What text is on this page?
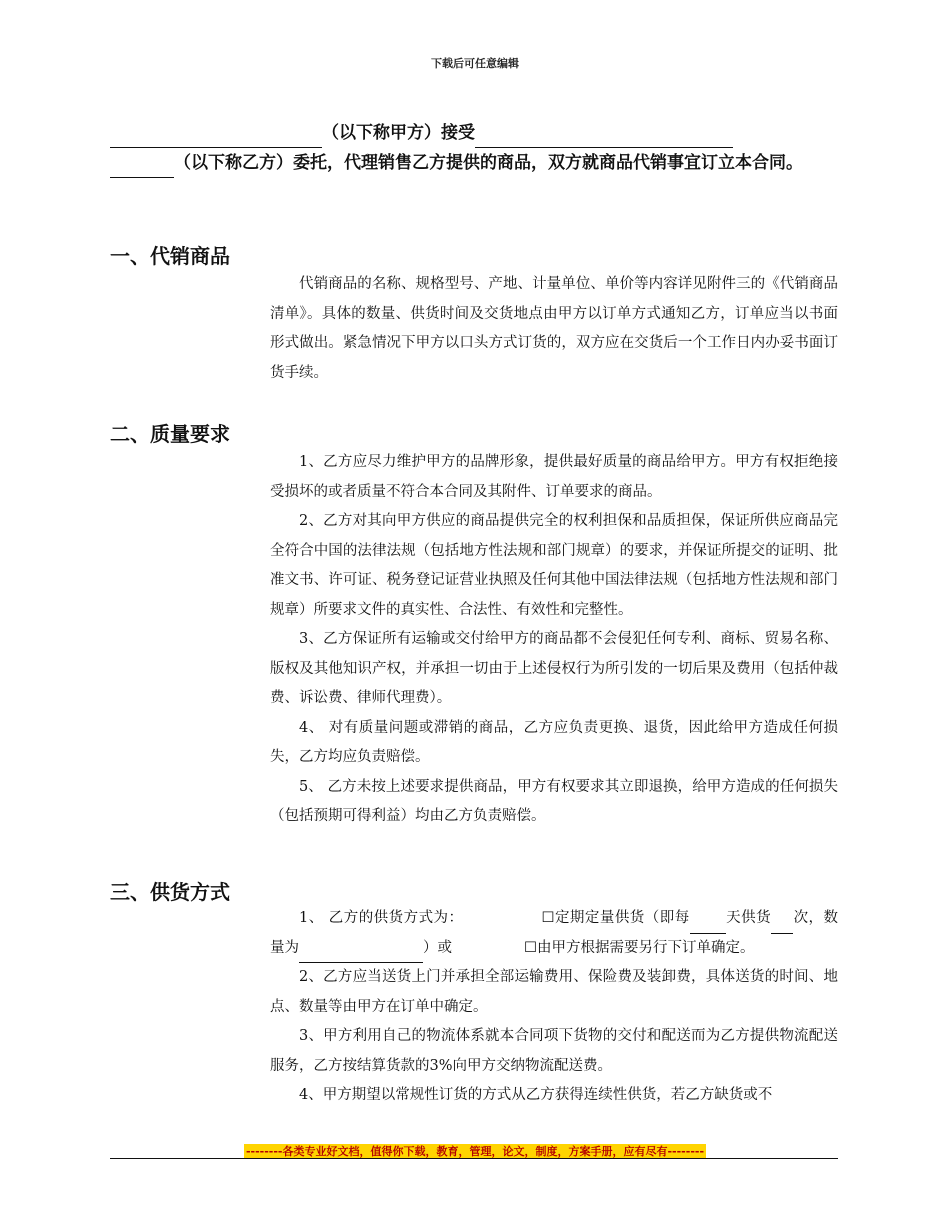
下载后可任意编辑
（以下称甲方）接受
（以下称乙方）委托，代理销售乙方提供的商品，双方就商品代销事宜订立本合同。
一、代销商品

代销商品的名称、规格型号、产地、计量单位、单价等内容详见附件三的《代销商品清单》。具体的数量、供货时间及交货地点由甲方以订单方式通知乙方，订单应当以书面形式做出。紧急情况下甲方以口头方式订货的，双方应在交货后一个工作日内办妥书面订货手续。

二、质量要求

1、乙方应尽力维护甲方的品牌形象，提供最好质量的商品给甲方。甲方有权拒绝接受损坏的或者质量不符合本合同及其附件、订单要求的商品。

2、乙方对其向甲方供应的商品提供完全的权利担保和品质担保，保证所供应商品完全符合中国的法律法规（包括地方性法规和部门规章）的要求，并保证所提交的证明、批准文书、许可证、税务登记证营业执照及任何其他中国法律法规（包括地方性法规和部门规章）所要求文件的真实性、合法性、有效性和完整性。

3、乙方保证所有运输或交付给甲方的商品都不会侵犯任何专利、商标、贸易名称、版权及其他知识产权，并承担一切由于上述侵权行为所引发的一切后果及费用（包括仲裁费、诉讼费、律师代理费）。

4、 对有质量问题或滞销的商品，乙方应负责更换、退货，因此给甲方造成任何损失，乙方均应负责赔偿。

5、 乙方未按上述要求提供商品，甲方有权要求其立即退换，给甲方造成的任何损失（包括预期可得利益）均由乙方负责赔偿。

三、供货方式

1、 乙方的供货方式为：	☐定期定量供货（即每 天供货 次，数量为	）或	☐由甲方根据需要另行下订单确定。

2、乙方应当送货上门并承担全部运输费用、保险费及装卸费，具体送货的时间、地点、数量等由甲方在订单中确定。

3、甲方利用自己的物流体系就本合同项下货物的交付和配送而为乙方提供物流配送服务，乙方按结算货款的3%向甲方交纳物流配送费。

4、甲方期望以常规性订货的方式从乙方获得连续性供货，若乙方缺货或不

--------各类专业好文档，值得你下载，教育，管理，论文，制度，方案手册，应有尽有--------
